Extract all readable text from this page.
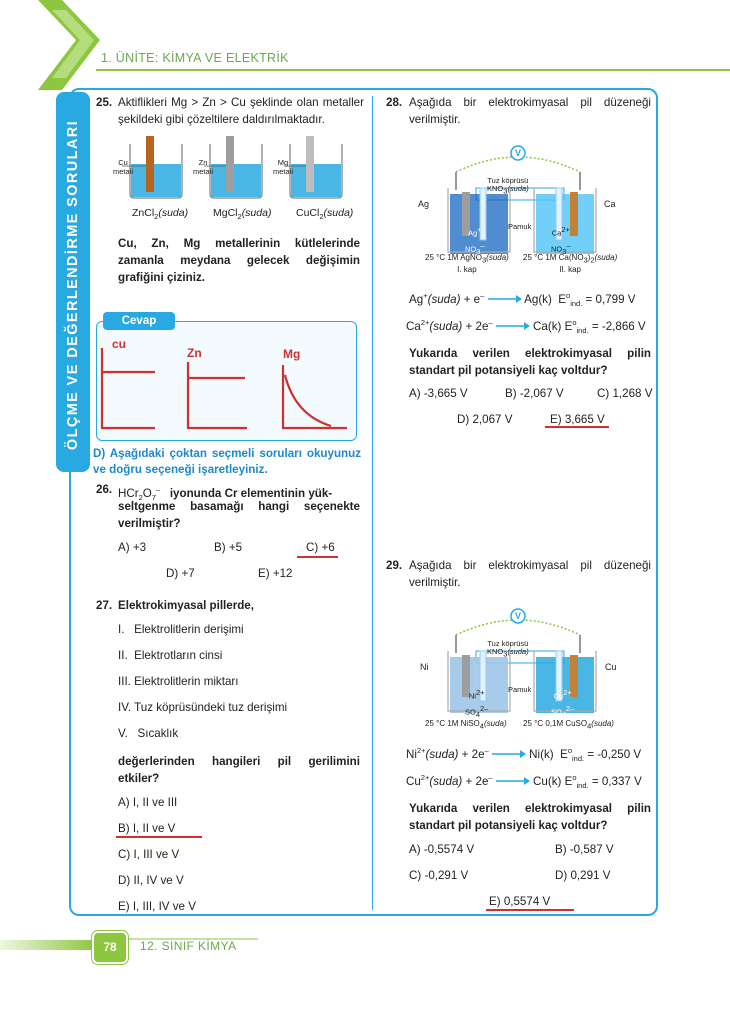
1. ÜNİTE: KİMYA VE ELEKTRİK
ÖLÇME VE DEĞERLENDİRME SORULARI
25. Aktiflikleri Mg > Zn > Cu şeklinde olan metaller şekildeki gibi çözeltilere daldırılmaktadır.
Cu
metali
Zn
metali
Mg
metali
ZnCl$_2$(suda) MgCl$_2$(suda) CuCl$_2$(suda)
Cu, Zn, Mg metallerinin kütlelerinde zamanla meydana gelecek değişimin grafiğini çiziniz.
Cevap
cu
Zn	Mg
D) Aşağıdaki çoktan seçmeli soruları okuyunuz ve doğru seçeneği işaretleyiniz.
26. $HCr_2O_7^-$ iyonunda Cr elementinin yük-
seltgenme basamağı hangi seçenekte verilmiştir?
A) +3	B) +5	C) +6
D) +7	E) +12
27. Elektrokimyasal pillerde,
I.   Elektrolitlerin derişimi
II.  Elektrotların cinsi
III. Elektrolitlerin miktarı
IV. Tuz köprüsündeki tuz derişimi
V.   Sıcaklık
değerlerinden hangileri pil gerilimini etkiler?
A) I, II ve III
B) I, II ve V
C) I, III ve V
D) II, IV ve V
E) I, III, IV ve V
28. Aşağıda bir elektrokimyasal pil düzeneği verilmiştir.
V
Tuz köprüsü
$KNO_3(suda)$
Ag	Ca
Pamuk
Ag+
$NO_3^-$
$Ca^{2+}$
$NO_3^-$
25 °C 1M AgNO$_3$(suda)
I. kap
25 °C 1M $Ca(NO_3)_2(suda)$
II. kap
Ag+(suda) + e–	Ag(k) $E^o_{ind.} = 0,799$ V
$Ca^{2+}(suda) + 2e^-$	Ca(k) $E^o_{ind.} = -2,866$ V
Yukarıda verilen elektrokimyasal pilin standart pil potansiyeli kaç voltdur?
A) -3,665 V	B) -2,067 V	C) 1,268 V
D) 2,067 V	E) 3,665 V
29. Aşağıda bir elektrokimyasal pil düzeneği verilmiştir.
V
Tuz köprüsü
$KNO_3(suda)$
Ni	Cu
Pamuk
$Ni^{2+}$
$SO_4^{2-}$
$Cu^{2+}$
$SO_4^{2-}$
25 °C 1M NiSO$_4$(suda) 25 °C 0,1M CuSO$_4$(suda)
$Ni^{2+}(suda) + 2e^-$	Ni(k) $E^o_{ind.} = -0,250$ V
$Cu^{2+}(suda) + 2e^-$	Cu(k) $E^o_{ind.} = 0,337$ V
Yukarıda verilen elektrokimyasal pilin standart pil potansiyeli kaç voltdur?
A) -0,5574 V	B) -0,587 V
C) -0,291 V	D) 0,291 V
E) 0,5574 V
78	12. SINIF KİMYA
